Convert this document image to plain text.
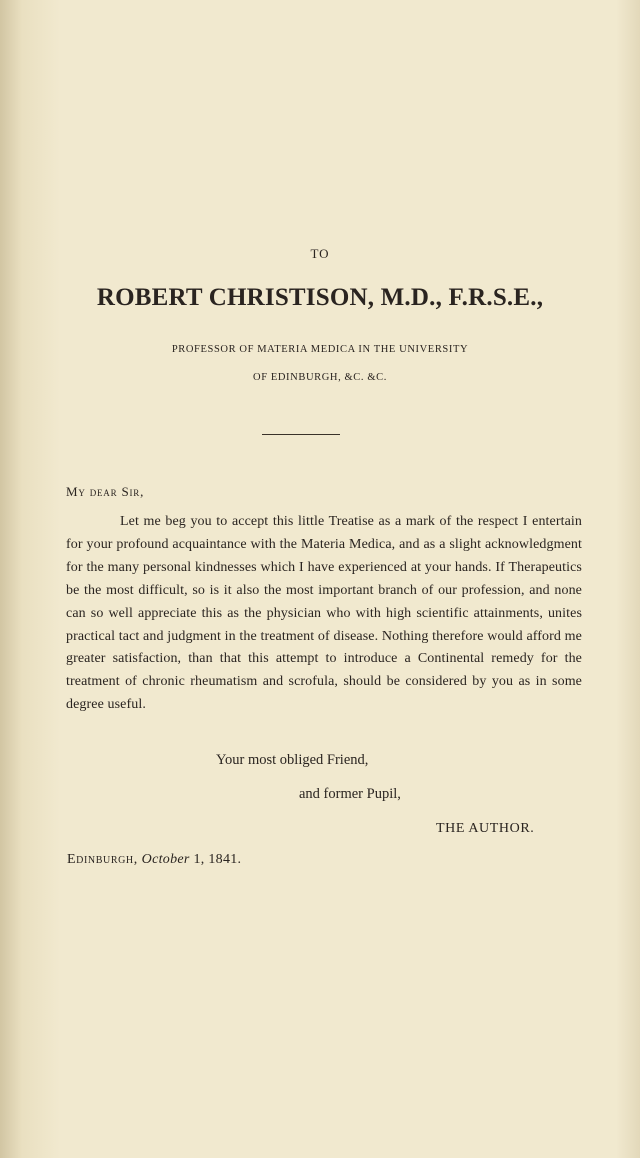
TO
ROBERT CHRISTISON, M.D., F.R.S.E.,
PROFESSOR OF MATERIA MEDICA IN THE UNIVERSITY
OF EDINBURGH, &C. &C.
My dear Sir,
Let me beg you to accept this little Treatise as a mark of the respect I entertain for your profound acquaintance with the Materia Medica, and as a slight acknowledgment for the many personal kindnesses which I have experienced at your hands. If Therapeutics be the most difficult, so is it also the most important branch of our profession, and none can so well appreciate this as the physician who with high scientific attainments, unites practical tact and judgment in the treatment of disease. Nothing therefore would afford me greater satisfaction, than that this attempt to introduce a Continental remedy for the treatment of chronic rheumatism and scrofula, should be considered by you as in some degree useful.
Your most obliged Friend,
and former Pupil,
THE AUTHOR.
Edinburgh, October 1, 1841.
